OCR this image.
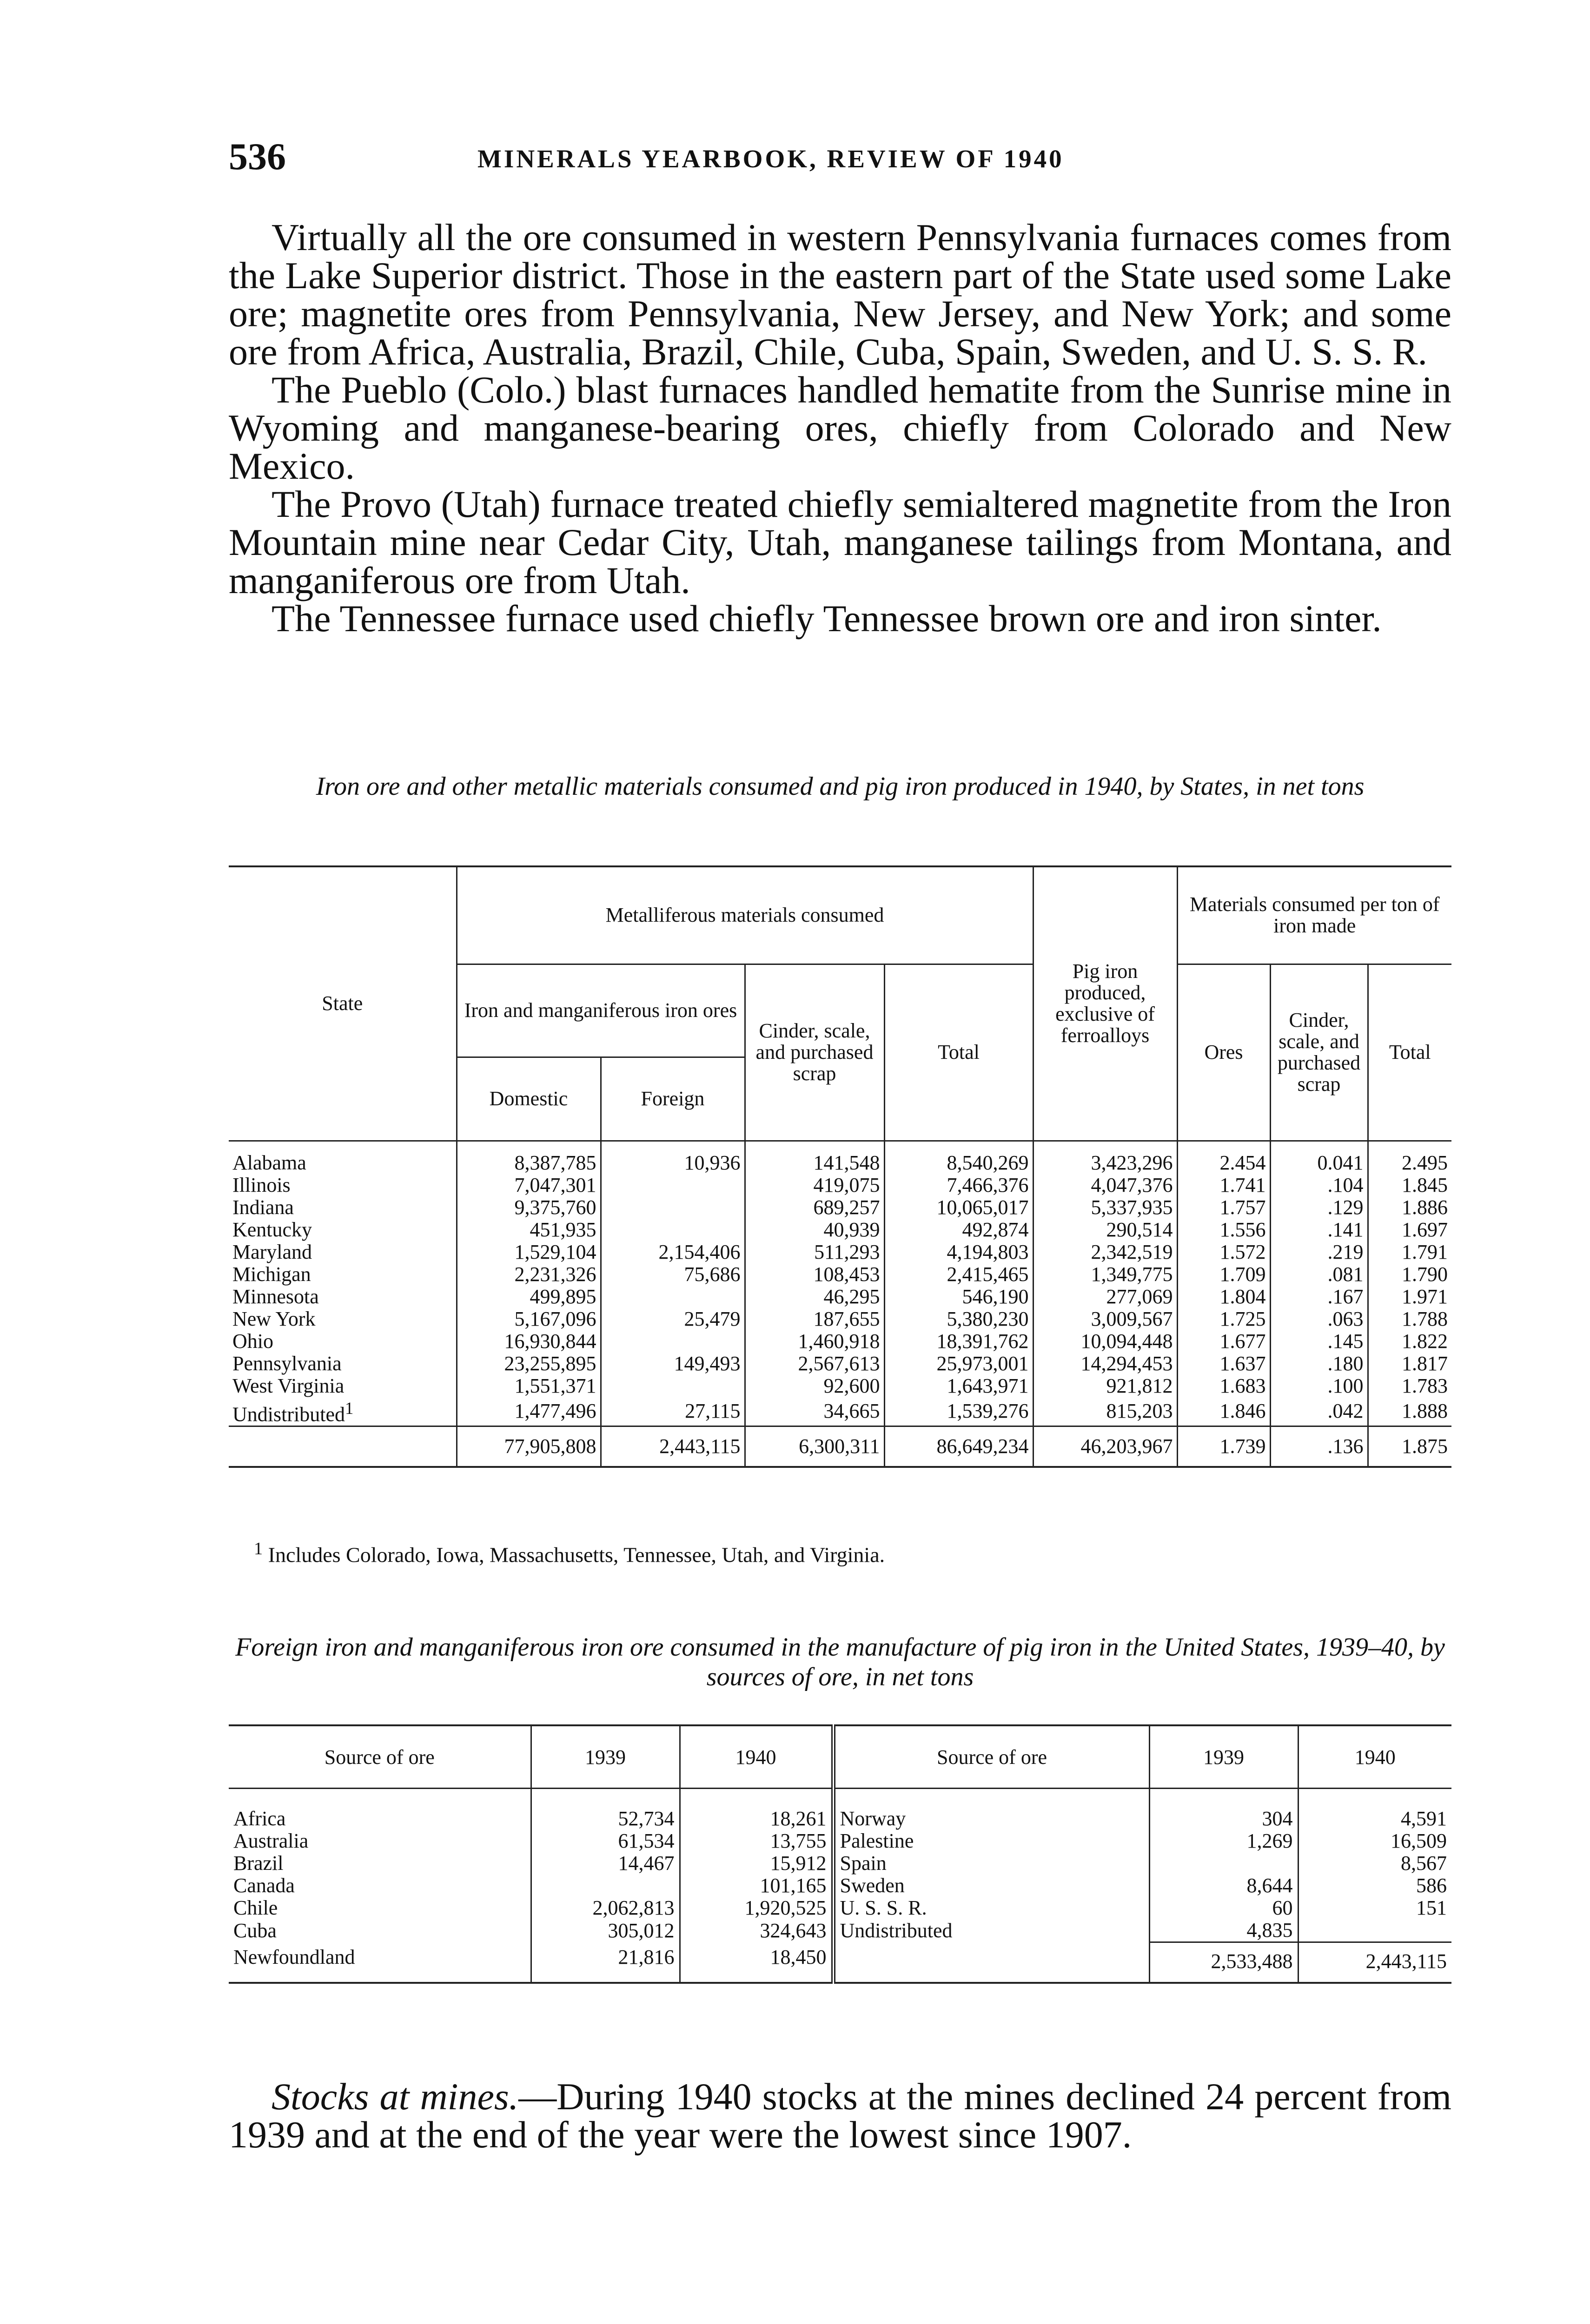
536	MINERALS YEARBOOK, REVIEW OF 1940

Virtually all the ore consumed in western Pennsylvania furnaces comes from the Lake Superior district. Those in the eastern part of the State used some Lake ore; magnetite ores from Pennsylvania, New Jersey, and New York; and some ore from Africa, Australia, Brazil, Chile, Cuba, Spain, Sweden, and U. S. S. R.

The Pueblo (Colo.) blast furnaces handled hematite from the Sunrise mine in Wyoming and manganese-bearing ores, chiefly from Colorado and New Mexico.

The Provo (Utah) furnace treated chiefly semialtered magnetite from the Iron Mountain mine near Cedar City, Utah, manganese tailings from Montana, and manganiferous ore from Utah.

The Tennessee furnace used chiefly Tennessee brown ore and iron sinter.

Iron ore and other metallic materials consumed and pig iron produced in 1940, by States, in net tons
State	Metalliferous materials consumed				Pig iron produced, exclusive of ferroalloys	Materials consumed per ton of iron made		
	Iron and manganiferous iron ores		Cinder, scale, and purchased scrap	Total		Ores	Cinder, scale, and purchased scrap	Total
	Domestic	Foreign						
Alabama	8,387,785	10,936	141,548	8,540,269	3,423,296	2.454	0.041	2.495
Illinois	7,047,301		419,075	7,466,376	4,047,376	1.741	.104	1.845
Indiana	9,375,760		689,257	10,065,017	5,337,935	1.757	.129	1.886
Kentucky	451,935		40,939	492,874	290,514	1.556	.141	1.697
Maryland	1,529,104	2,154,406	511,293	4,194,803	2,342,519	1.572	.219	1.791
Michigan	2,231,326	75,686	108,453	2,415,465	1,349,775	1.709	.081	1.790
Minnesota	499,895		46,295	546,190	277,069	1.804	.167	1.971
New York	5,167,096	25,479	187,655	5,380,230	3,009,567	1.725	.063	1.788
Ohio	16,930,844		1,460,918	18,391,762	10,094,448	1.677	.145	1.822
Pennsylvania	23,255,895	149,493	2,567,613	25,973,001	14,294,453	1.637	.180	1.817
West Virginia	1,551,371		92,600	1,643,971	921,812	1.683	.100	1.783
Undistributed$^1$	1,477,496	27,115	34,665	1,539,276	815,203	1.846	.042	1.888
	77,905,808	2,443,115	6,300,311	86,649,234	46,203,967	1.739	.136	1.875
$^1$ Includes Colorado, Iowa, Massachusetts, Tennessee, Utah, and Virginia.
Foreign iron and manganiferous iron ore consumed in the manufacture of pig iron in the United States, 1939–40, by sources of ore, in net tons
Source of ore	1939	1940	Source of ore	1939	1940
Africa	52,734	18,261	Norway	304	4,591
Australia	61,534	13,755	Palestine	1,269	16,509
Brazil	14,467	15,912	Spain		8,567
Canada		101,165	Sweden	8,644	586
Chile	2,062,813	1,920,525	U. S. S. R.	60	151
Cuba	305,012	324,643	Undistributed	4,835	
Newfoundland	21,816	18,450		2,533,488	2,443,115

Stocks at mines.—During 1940 stocks at the mines declined 24 percent from 1939 and at the end of the year were the lowest since 1907.
